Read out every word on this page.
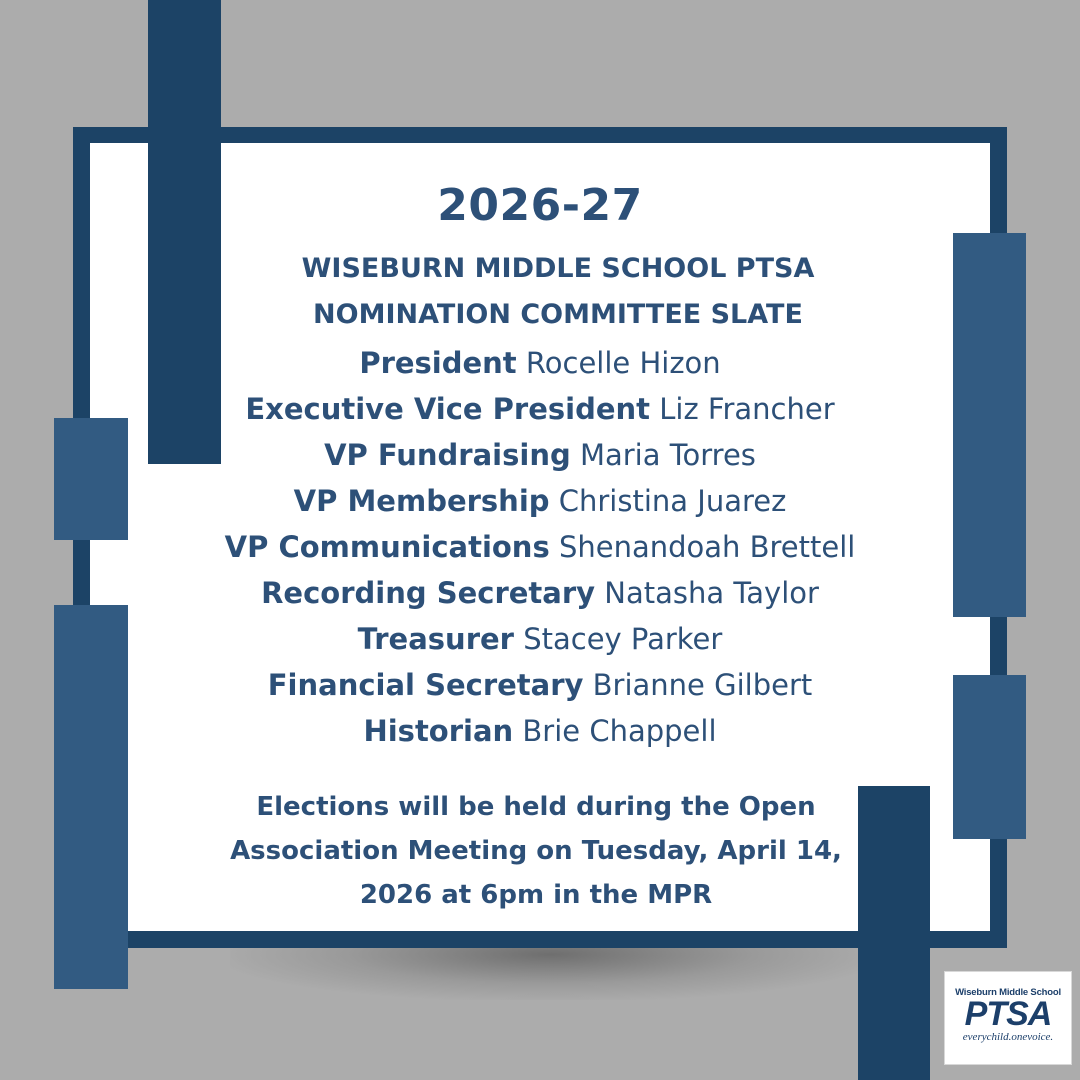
2026-27
WISEBURN MIDDLE SCHOOL PTSA
NOMINATION COMMITTEE SLATE
President Rocelle Hizon
Executive Vice President Liz Francher
VP Fundraising Maria Torres
VP Membership Christina Juarez
VP Communications Shenandoah Brettell
Recording Secretary Natasha Taylor
Treasurer Stacey Parker
Financial Secretary Brianne Gilbert
Historian Brie Chappell
Elections will be held during the Open
Association Meeting on Tuesday, April 14,
2026 at 6pm in the MPR
Wiseburn Middle School
PTSA
everychild.onevoice.
